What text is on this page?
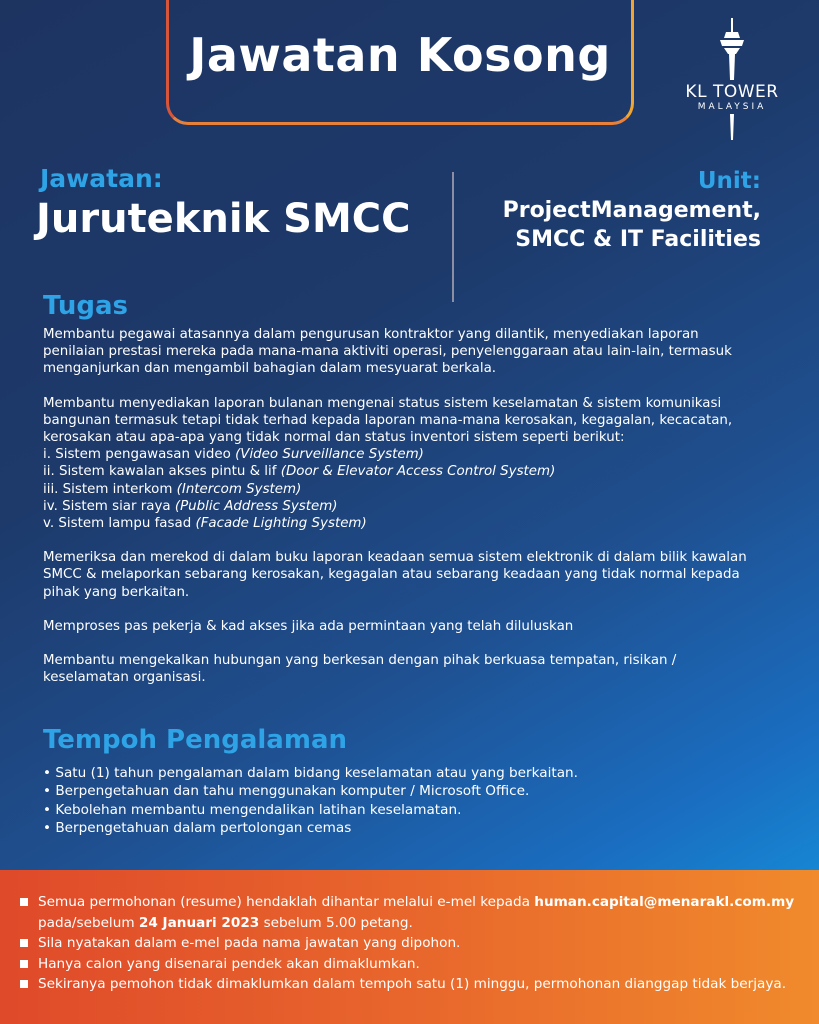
Jawatan Kosong
KL TOWER
MALAYSIA
Jawatan:
Juruteknik SMCC
Unit:
ProjectManagement,
SMCC & IT Facilities
Tugas

Membantu pegawai atasannya dalam pengurusan kontraktor yang dilantik, menyediakan laporan
penilaian prestasi mereka pada mana-mana aktiviti operasi, penyelenggaraan atau lain-lain, termasuk
menganjurkan dan mengambil bahagian dalam mesyuarat berkala.

Membantu menyediakan laporan bulanan mengenai status sistem keselamatan & sistem komunikasi
bangunan termasuk tetapi tidak terhad kepada laporan mana-mana kerosakan, kegagalan, kecacatan,
kerosakan atau apa-apa yang tidak normal dan status inventori sistem seperti berikut:
i. Sistem pengawasan video (Video Surveillance System)
ii. Sistem kawalan akses pintu & lif (Door & Elevator Access Control System)
iii. Sistem interkom (Intercom System)
iv. Sistem siar raya (Public Address System)
v. Sistem lampu fasad (Facade Lighting System)

Memeriksa dan merekod di dalam buku laporan keadaan semua sistem elektronik di dalam bilik kawalan
SMCC & melaporkan sebarang kerosakan, kegagalan atau sebarang keadaan yang tidak normal kepada
pihak yang berkaitan.

Memproses pas pekerja & kad akses jika ada permintaan yang telah diluluskan

Membantu mengekalkan hubungan yang berkesan dengan pihak berkuasa tempatan, risikan /
keselamatan organisasi.

Tempoh Pengalaman
• Satu (1) tahun pengalaman dalam bidang keselamatan atau yang berkaitan.
• Berpengetahuan dan tahu menggunakan komputer / Microsoft Office.
• Kebolehan membantu mengendalikan latihan keselamatan.
• Berpengetahuan dalam pertolongan cemas
Semua permohonan (resume) hendaklah dihantar melalui e-mel kepada human.capital@menarakl.com.my
pada/sebelum 24 Januari 2023 sebelum 5.00 petang.
Sila nyatakan dalam e-mel pada nama jawatan yang dipohon.
Hanya calon yang disenarai pendek akan dimaklumkan.
Sekiranya pemohon tidak dimaklumkan dalam tempoh satu (1) minggu, permohonan dianggap tidak berjaya.
